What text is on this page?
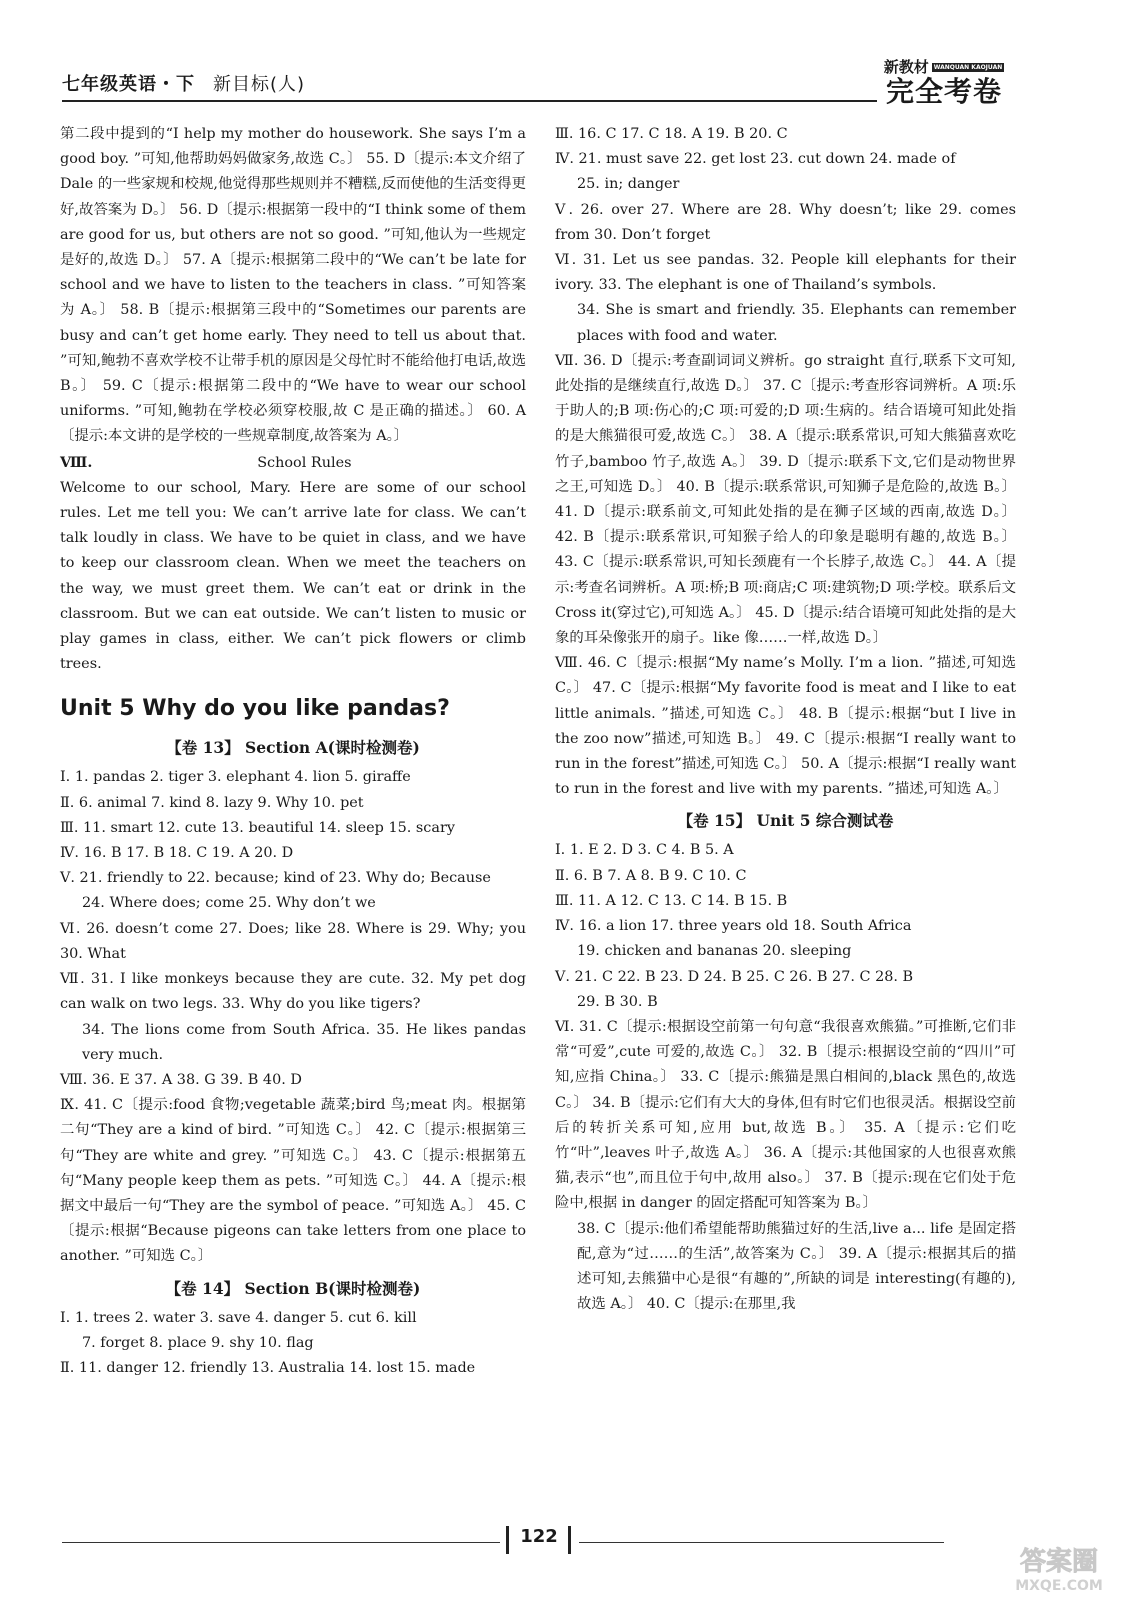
七年级英语・下 新目标(人)
新教材 WANQUAN KAOJUAN
完全考卷

第二段中提到的“I help my mother do housework. She says I’m a good boy. ”可知,他帮助妈妈做家务,故选 C。〕 55. D〔提示:本文介绍了 Dale 的一些家规和校规,他觉得那些规则并不糟糕,反而使他的生活变得更好,故答案为 D。〕 56. D〔提示:根据第一段中的“I think some of them are good for us, but others are not so good. ”可知,他认为一些规定是好的,故选 D。〕 57. A〔提示:根据第二段中的“We can’t be late for school and we have to listen to the teachers in class. ”可知答案为 A。〕 58. B〔提示:根据第三段中的“Sometimes our parents are busy and can’t get home early. They need to tell us about that. ”可知,鲍勃不喜欢学校不让带手机的原因是父母忙时不能给他打电话,故选 B。〕 59. C〔提示:根据第二段中的“We have to wear our school uniforms. ”可知,鲍勃在学校必须穿校服,故 C 是正确的描述。〕 60. A〔提示:本文讲的是学校的一些规章制度,故答案为 A。〕

Ⅷ.	School Rules

Welcome to our school, Mary. Here are some of our school rules. Let me tell you: We can’t arrive late for class. We can’t talk loudly in class. We have to be quiet in class, and we have to keep our classroom clean. When we meet the teachers on the way, we must greet them. We can’t eat or drink in the classroom. But we can eat outside. We can’t listen to music or play games in class, either. We can’t pick flowers or climb trees.

Unit 5 Why do you like pandas?
【卷 13】 Section A(课时检测卷)

Ⅰ. 1. pandas 2. tiger 3. elephant 4. lion 5. giraffe

Ⅱ. 6. animal 7. kind 8. lazy 9. Why 10. pet

Ⅲ. 11. smart 12. cute 13. beautiful 14. sleep 15. scary

Ⅳ. 16. B 17. B 18. C 19. A 20. D

Ⅴ. 21. friendly to 22. because; kind of 23. Why do; Because

24. Where does; come 25. Why don’t we

Ⅵ. 26. doesn’t come 27. Does; like 28. Where is 29. Why; you 30. What

Ⅶ. 31. I like monkeys because they are cute. 32. My pet dog can walk on two legs. 33. Why do you like tigers?

34. The lions come from South Africa. 35. He likes pandas very much.

Ⅷ. 36. E 37. A 38. G 39. B 40. D

Ⅸ. 41. C〔提示:food 食物;vegetable 蔬菜;bird 鸟;meat 肉。根据第二句“They are a kind of bird. ”可知选 C。〕 42. C〔提示:根据第三句“They are white and grey. ”可知选 C。〕 43. C〔提示:根据第五句“Many people keep them as pets. ”可知选 C。〕 44. A〔提示:根据文中最后一句“They are the symbol of peace. ”可知选 A。〕 45. C〔提示:根据“Because pigeons can take letters from one place to another. ”可知选 C。〕

【卷 14】 Section B(课时检测卷)

Ⅰ. 1. trees 2. water 3. save 4. danger 5. cut 6. kill

7. forget 8. place 9. shy 10. flag

Ⅱ. 11. danger 12. friendly 13. Australia 14. lost 15. made

Ⅲ. 16. C 17. C 18. A 19. B 20. C

Ⅳ. 21. must save 22. get lost 23. cut down 24. made of

25. in; danger

Ⅴ. 26. over 27. Where are 28. Why doesn’t; like 29. comes from 30. Don’t forget

Ⅵ. 31. Let us see pandas. 32. People kill elephants for their ivory. 33. The elephant is one of Thailand’s symbols.

34. She is smart and friendly. 35. Elephants can remember places with food and water.

Ⅶ. 36. D〔提示:考查副词词义辨析。go straight 直行,联系下文可知,此处指的是继续直行,故选 D。〕 37. C〔提示:考查形容词辨析。A 项:乐于助人的;B 项:伤心的;C 项:可爱的;D 项:生病的。结合语境可知此处指的是大熊猫很可爱,故选 C。〕 38. A〔提示:联系常识,可知大熊猫喜欢吃竹子,bamboo 竹子,故选 A。〕 39. D〔提示:联系下文,它们是动物世界之王,可知选 D。〕 40. B〔提示:联系常识,可知狮子是危险的,故选 B。〕 41. D〔提示:联系前文,可知此处指的是在狮子区域的西南,故选 D。〕 42. B〔提示:联系常识,可知猴子给人的印象是聪明有趣的,故选 B。〕 43. C〔提示:联系常识,可知长颈鹿有一个长脖子,故选 C。〕 44. A〔提示:考查名词辨析。A 项:桥;B 项:商店;C 项:建筑物;D 项:学校。联系后文 Cross it(穿过它),可知选 A。〕 45. D〔提示:结合语境可知此处指的是大象的耳朵像张开的扇子。like 像……一样,故选 D。〕

Ⅷ. 46. C〔提示:根据“My name’s Molly. I’m a lion. ”描述,可知选 C。〕 47. C〔提示:根据“My favorite food is meat and I like to eat little animals. ”描述,可知选 C。〕 48. B〔提示:根据“but I live in the zoo now”描述,可知选 B。〕 49. C〔提示:根据“I really want to run in the forest”描述,可知选 C。〕 50. A〔提示:根据“I really want to run in the forest and live with my parents. ”描述,可知选 A。〕

【卷 15】 Unit 5 综合测试卷

Ⅰ. 1. E 2. D 3. C 4. B 5. A

Ⅱ. 6. B 7. A 8. B 9. C 10. C

Ⅲ. 11. A 12. C 13. C 14. B 15. B

Ⅳ. 16. a lion 17. three years old 18. South Africa

19. chicken and bananas 20. sleeping

Ⅴ. 21. C 22. B 23. D 24. B 25. C 26. B 27. C 28. B

29. B 30. B

Ⅵ. 31. C〔提示:根据设空前第一句句意“我很喜欢熊猫。”可推断,它们非常“可爱”,cute 可爱的,故选 C。〕 32. B〔提示:根据设空前的“四川”可知,应指 China。〕 33. C〔提示:熊猫是黑白相间的,black 黑色的,故选 C。〕 34. B〔提示:它们有大大的身体,但有时它们也很灵活。根据设空前后的转折关系可知,应用 but,故选 B。〕 35. A〔提示:它们吃竹“叶”,leaves 叶子,故选 A。〕 36. A〔提示:其他国家的人也很喜欢熊猫,表示“也”,而且位于句中,故用 also。〕 37. B〔提示:现在它们处于危险中,根据 in danger 的固定搭配可知答案为 B。〕

38. C〔提示:他们希望能帮助熊猫过好的生活,live a... life 是固定搭配,意为“过……的生活”,故答案为 C。〕 39. A〔提示:根据其后的描述可知,去熊猫中心是很“有趣的”,所缺的词是 interesting(有趣的),故选 A。〕 40. C〔提示:在那里,我

122
答案圈
MXQE.COM
